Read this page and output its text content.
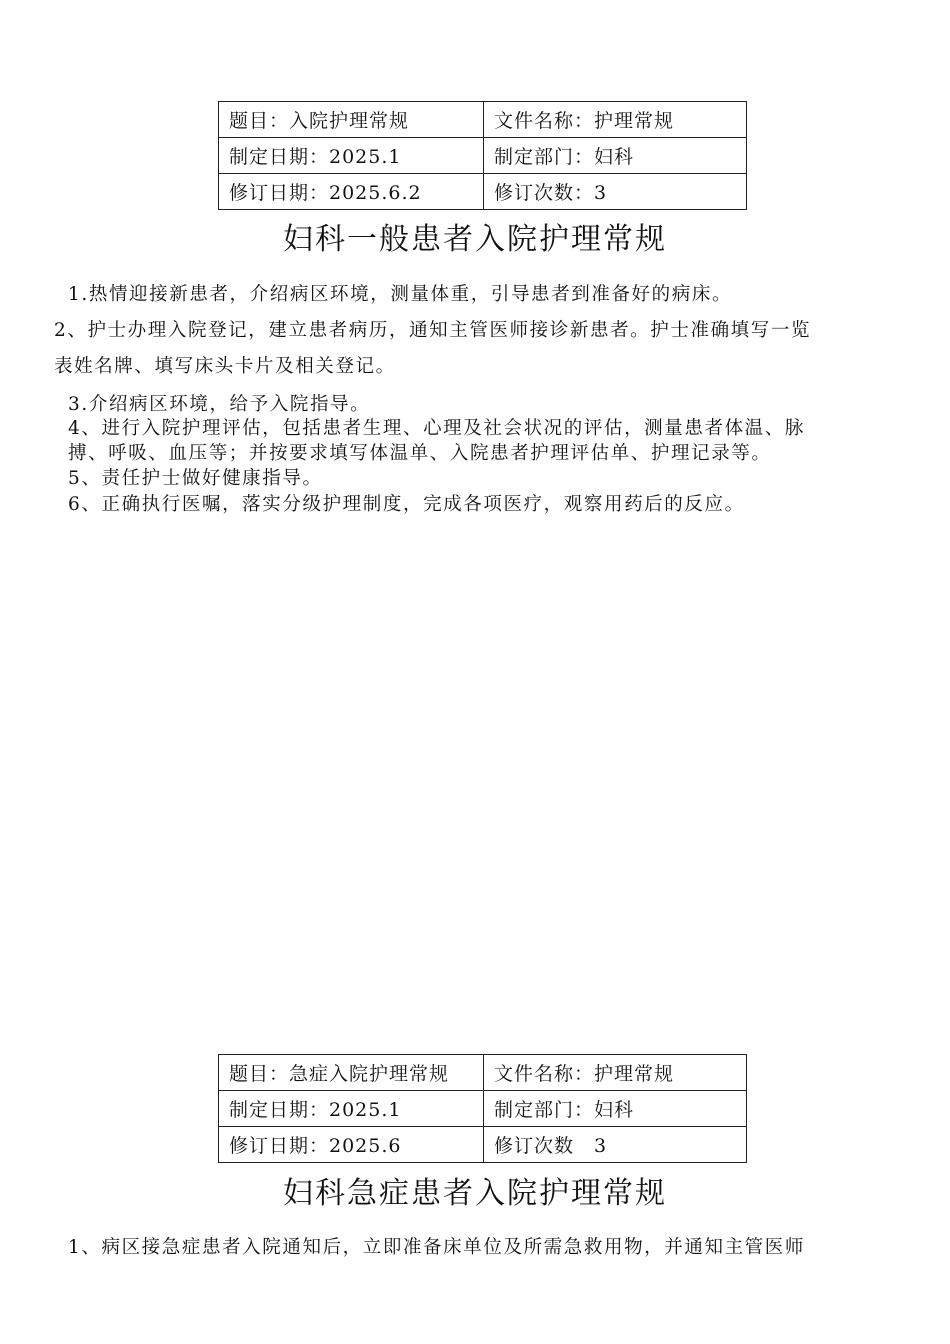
题目：入院护理常规	文件名称：护理常规
制定日期：2025.1	制定部门：妇科
修订日期：2025.6.2	修订次数：3
妇科一般患者入院护理常规

1.热情迎接新患者，介绍病区环境，测量体重，引导患者到准备好的病床。

2、护士办理入院登记，建立患者病历，通知主管医师接诊新患者。护士准确填写一览

表姓名牌、填写床头卡片及相关登记。

3.介绍病区环境，给予入院指导。

4、进行入院护理评估，包括患者生理、心理及社会状况的评估，测量患者体温、脉

搏、呼吸、血压等；并按要求填写体温单、入院患者护理评估单、护理记录等。

5、责任护士做好健康指导。

6、正确执行医嘱，落实分级护理制度，完成各项医疗，观察用药后的反应。

题目：急症入院护理常规	文件名称：护理常规
制定日期：2025.1	制定部门：妇科
修订日期：2025.6	修订次数　3
妇科急症患者入院护理常规

1、病区接急症患者入院通知后，立即准备床单位及所需急救用物，并通知主管医师
